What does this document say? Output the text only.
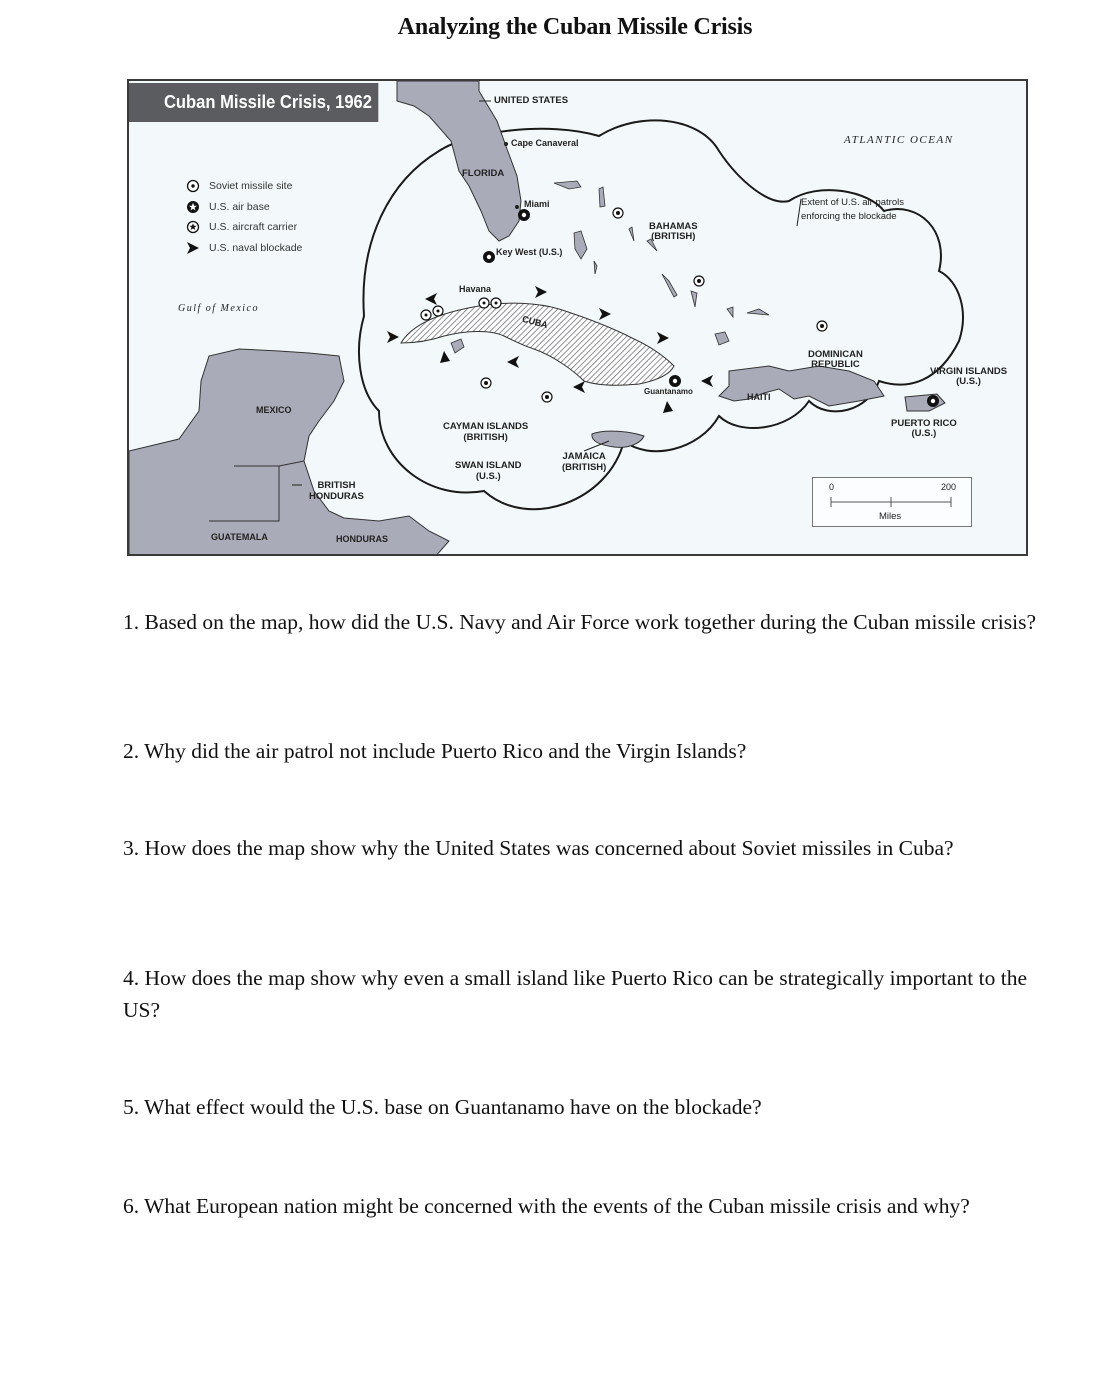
Analyzing the Cuban Missile Crisis
Cuban Missile Crisis, 1962
Soviet missile site
U.S. air base
U.S. aircraft carrier
U.S. naval blockade
UNITED STATES
Cape Canaveral
FLORIDA
Miami
Key West (U.S.)
Havana
CUBA
Gulf of Mexico
ATLANTIC OCEAN
Extent of U.S. air patrols
enforcing the blockade
BAHAMAS
(BRITISH)
DOMINICAN
REPUBLIC
VIRGIN ISLANDS
(U.S.)
PUERTO RICO
(U.S.)
HAITI
Guantanamo
MEXICO
CAYMAN ISLANDS
(BRITISH)
SWAN ISLAND
(U.S.)
JAMAICA
(BRITISH)
BRITISH
HONDURAS
GUATEMALA	HONDURAS
0	200
Miles
1. Based on the map, how did the U.S. Navy and Air Force work together during the Cuban missile crisis?
2. Why did the air patrol not include Puerto Rico and the Virgin Islands?
3. How does the map show why the United States was concerned about Soviet missiles in Cuba?
4. How does the map show why even a small island like Puerto Rico can be strategically important to the US?
5. What effect would the U.S. base on Guantanamo have on the blockade?
6. What European nation might be concerned with the events of the Cuban missile crisis and why?
